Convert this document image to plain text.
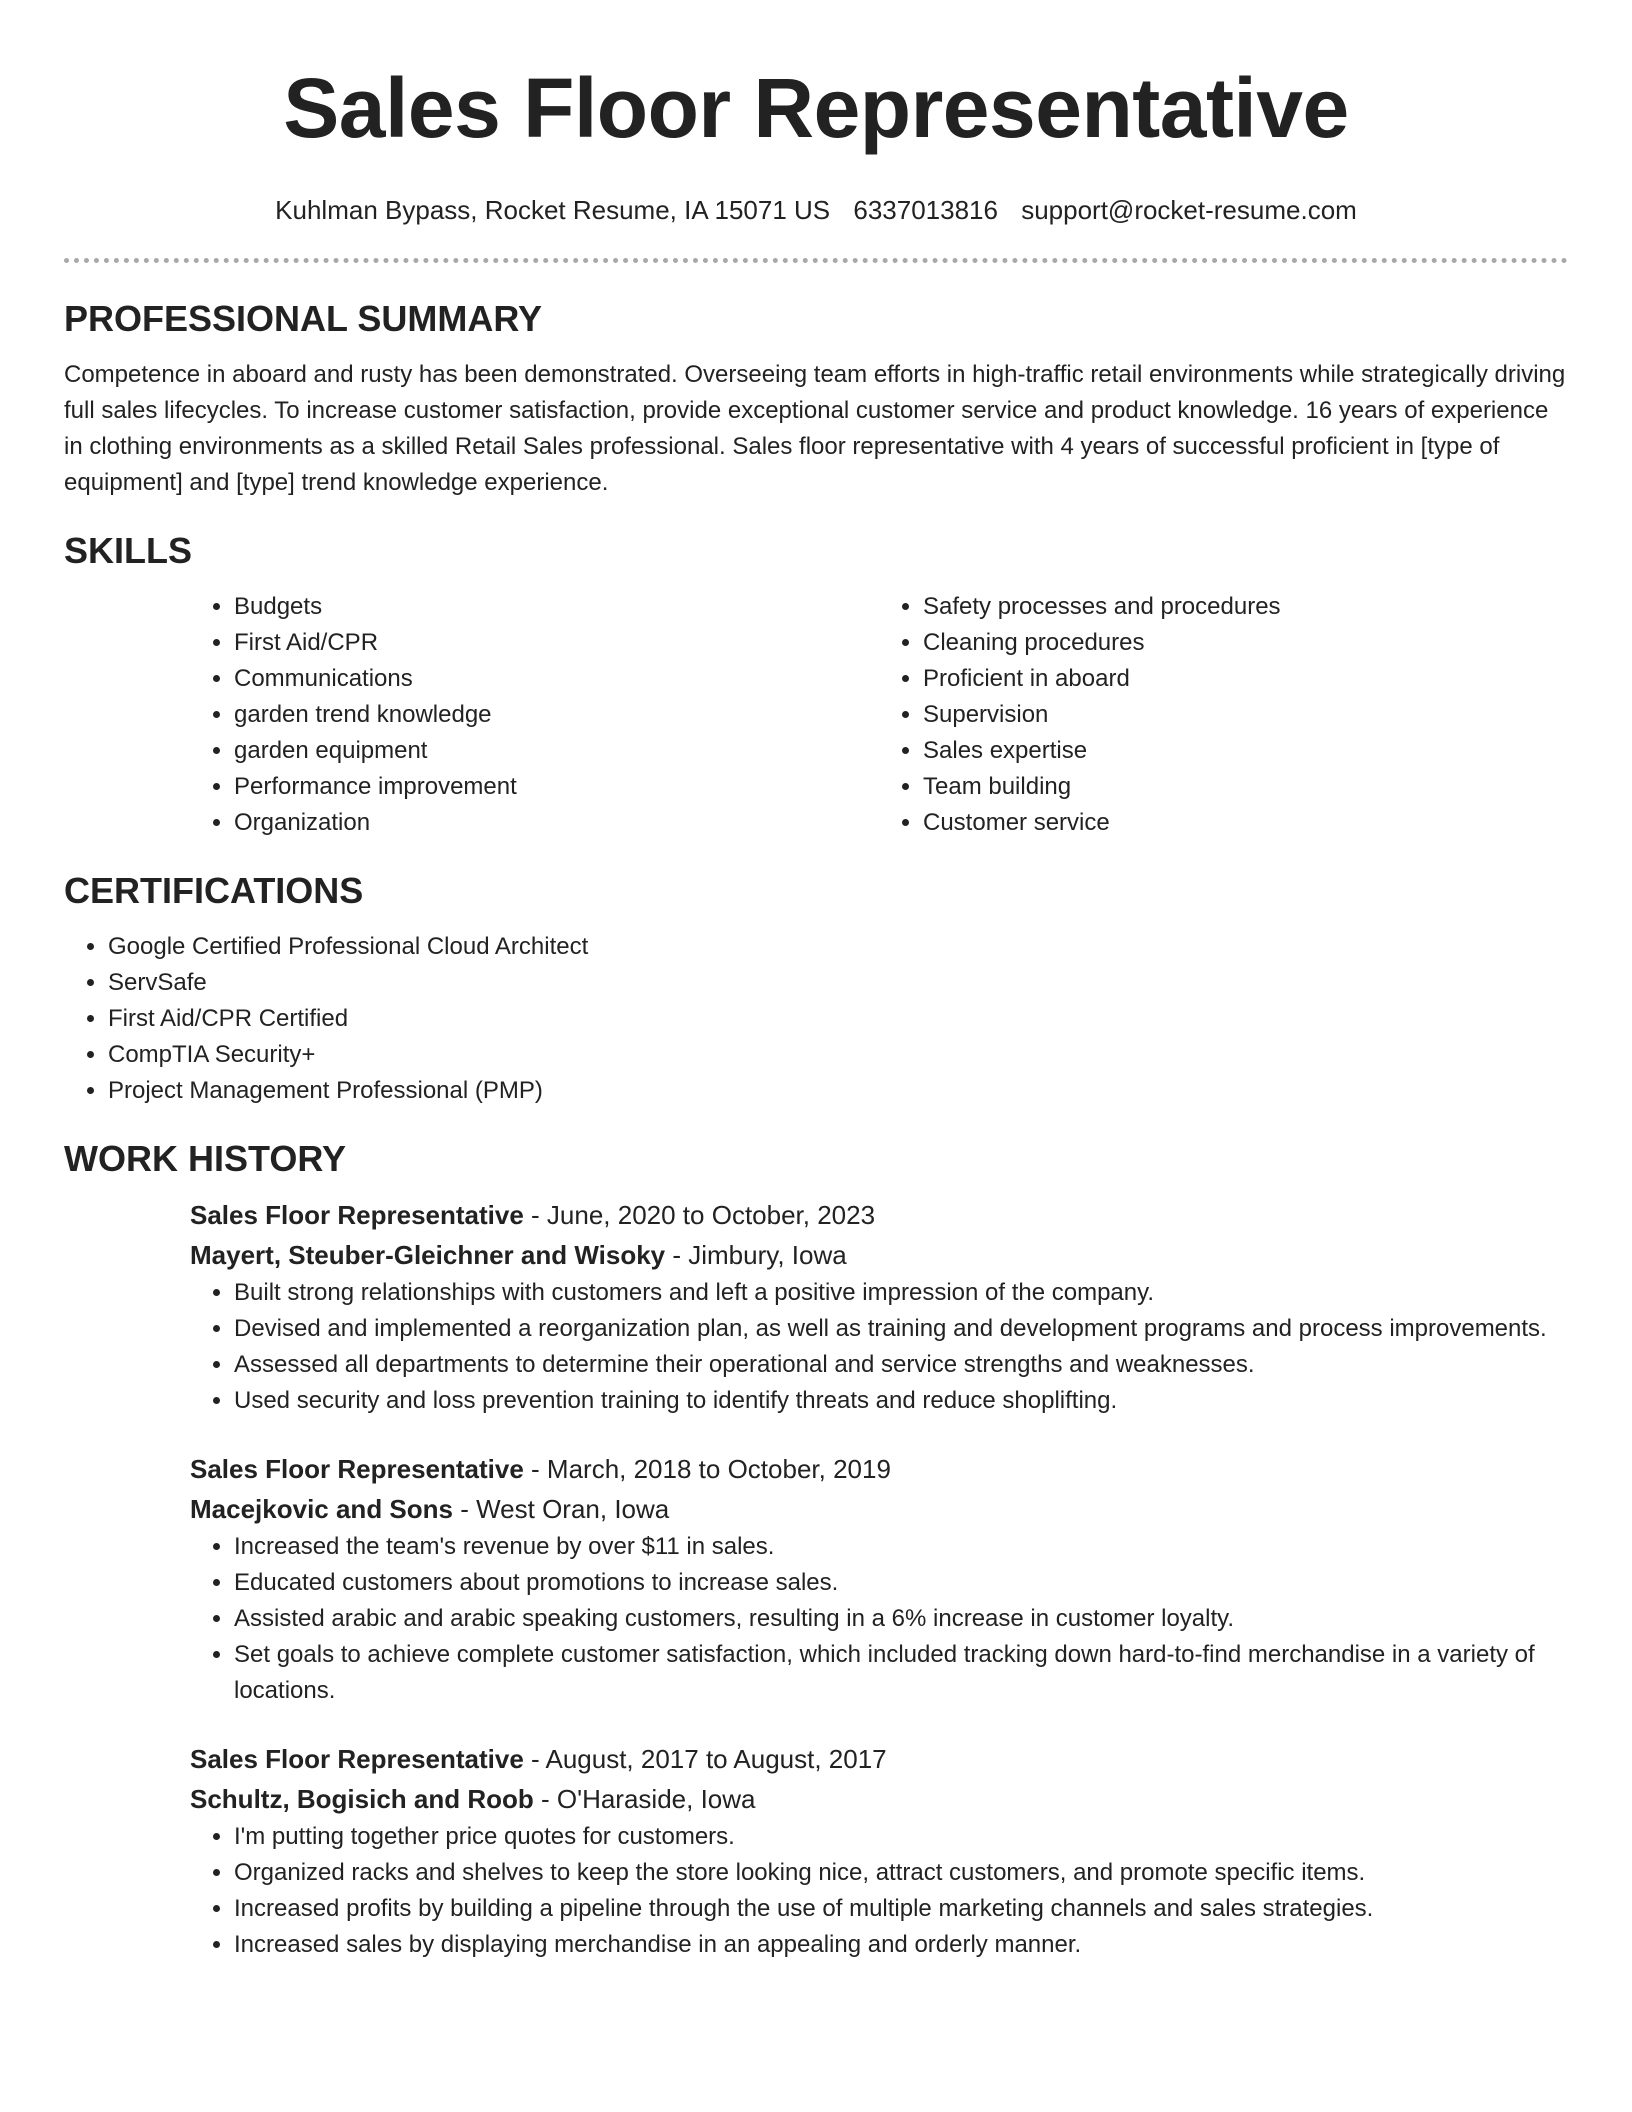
Sales Floor Representative
Kuhlman Bypass, Rocket Resume, IA 15071 US 6337013816 support@rocket-resume.com
PROFESSIONAL SUMMARY

Competence in aboard and rusty has been demonstrated. Overseeing team efforts in high-traffic retail environments while strategically driving full sales lifecycles. To increase customer satisfaction, provide exceptional customer service and product knowledge. 16 years of experience in clothing environments as a skilled Retail Sales professional. Sales floor representative with 4 years of successful proficient in [type of equipment] and [type] trend knowledge experience.

SKILLS
• Budgets
• First Aid/CPR
• Communications
• garden trend knowledge
• garden equipment
• Performance improvement
• Organization
• Safety processes and procedures
• Cleaning procedures
• Proficient in aboard
• Supervision
• Sales expertise
• Team building
• Customer service
CERTIFICATIONS
• Google Certified Professional Cloud Architect
• ServSafe
• First Aid/CPR Certified
• CompTIA Security+
• Project Management Professional (PMP)
WORK HISTORY
Sales Floor Representative - June, 2020 to October, 2023
Mayert, Steuber-Gleichner and Wisoky - Jimbury, Iowa
• Built strong relationships with customers and left a positive impression of the company.
• Devised and implemented a reorganization plan, as well as training and development programs and process improvements.
• Assessed all departments to determine their operational and service strengths and weaknesses.
• Used security and loss prevention training to identify threats and reduce shoplifting.
Sales Floor Representative - March, 2018 to October, 2019
Macejkovic and Sons - West Oran, Iowa
• Increased the team's revenue by over $11 in sales.
• Educated customers about promotions to increase sales.
• Assisted arabic and arabic speaking customers, resulting in a 6% increase in customer loyalty.
• Set goals to achieve complete customer satisfaction, which included tracking down hard-to-find merchandise in a variety of locations.
Sales Floor Representative - August, 2017 to August, 2017
Schultz, Bogisich and Roob - O'Haraside, Iowa
• I'm putting together price quotes for customers.
• Organized racks and shelves to keep the store looking nice, attract customers, and promote specific items.
• Increased profits by building a pipeline through the use of multiple marketing channels and sales strategies.
• Increased sales by displaying merchandise in an appealing and orderly manner.
